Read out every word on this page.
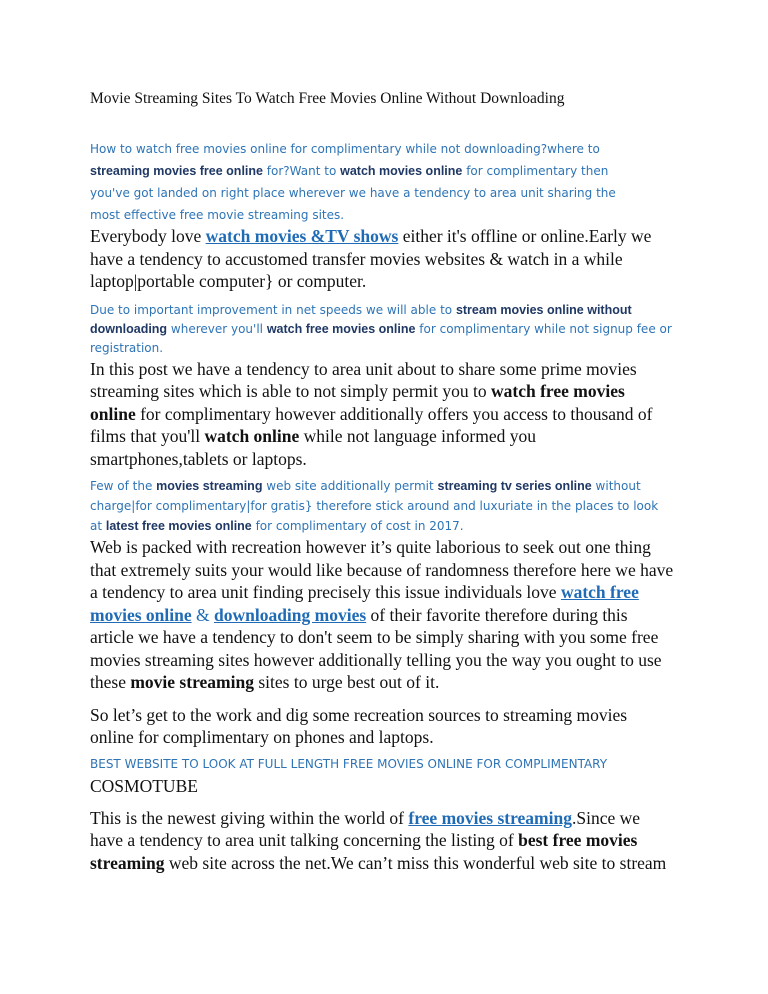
Movie Streaming Sites To Watch Free Movies Online Without Downloading
How to watch free movies online for complimentary while not downloading?where to
streaming movies free online for?Want to watch movies online for complimentary then
you've got landed on right place wherever we have a tendency to area unit sharing the
most effective free movie streaming sites.
Everybody love watch movies &TV shows either it's offline or online.Early we
have a tendency to accustomed transfer movies websites & watch in a while
laptop|portable computer} or computer.
Due to important improvement in net speeds we will able to stream movies online without
downloading wherever you'll watch free movies online for complimentary while not signup fee or
registration.
In this post we have a tendency to area unit about to share some prime movies
streaming sites which is able to not simply permit you to watch free movies
online for complimentary however additionally offers you access to thousand of
films that you'll watch online while not language informed you
smartphones,tablets or laptops.
Few of the movies streaming web site additionally permit streaming tv series online without
charge|for complimentary|for gratis} therefore stick around and luxuriate in the places to look
at latest free movies online for complimentary of cost in 2017.
Web is packed with recreation however it’s quite laborious to seek out one thing
that extremely suits your would like because of randomness therefore here we have
a tendency to area unit finding precisely this issue individuals love watch free
movies online & downloading movies of their favorite therefore during this
article we have a tendency to don't seem to be simply sharing with you some free
movies streaming sites however additionally telling you the way you ought to use
these movie streaming sites to urge best out of it.
So let’s get to the work and dig some recreation sources to streaming movies
online for complimentary on phones and laptops.
BEST WEBSITE TO LOOK AT FULL LENGTH FREE MOVIES ONLINE FOR COMPLIMENTARY
COSMOTUBE
This is the newest giving within the world of free movies streaming.Since we
have a tendency to area unit talking concerning the listing of best free movies
streaming web site across the net.We can’t miss this wonderful web site to stream
